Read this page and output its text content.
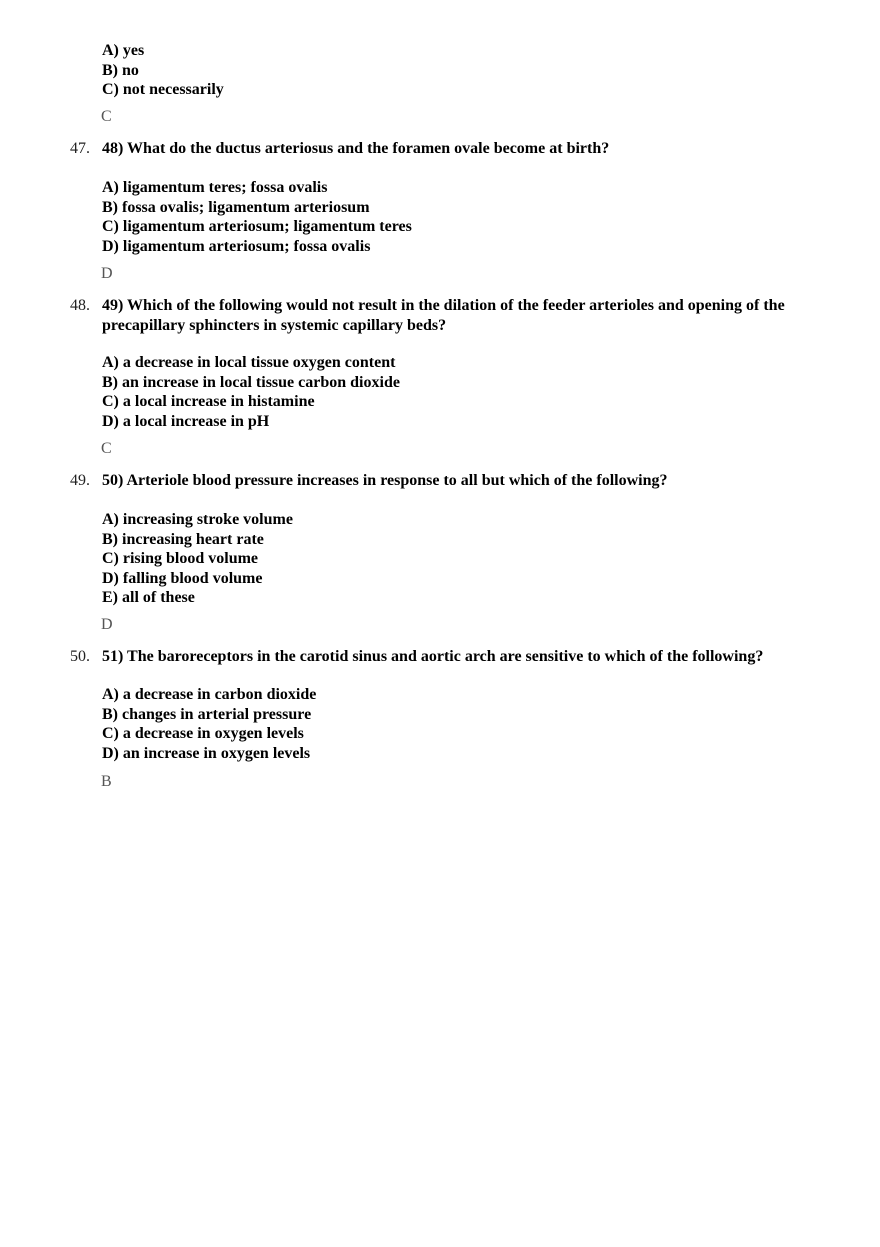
A) yes
B) no
C) not necessarily
C
47. 48) What do the ductus arteriosus and the foramen ovale become at birth?
A) ligamentum teres; fossa ovalis
B) fossa ovalis; ligamentum arteriosum
C) ligamentum arteriosum; ligamentum teres
D) ligamentum arteriosum; fossa ovalis
D
48. 49) Which of the following would not result in the dilation of the feeder arterioles and opening of the precapillary sphincters in systemic capillary beds?
A) a decrease in local tissue oxygen content
B) an increase in local tissue carbon dioxide
C) a local increase in histamine
D) a local increase in pH
C
49. 50) Arteriole blood pressure increases in response to all but which of the following?
A) increasing stroke volume
B) increasing heart rate
C) rising blood volume
D) falling blood volume
E) all of these
D
50. 51) The baroreceptors in the carotid sinus and aortic arch are sensitive to which of the following?
A) a decrease in carbon dioxide
B) changes in arterial pressure
C) a decrease in oxygen levels
D) an increase in oxygen levels
B
